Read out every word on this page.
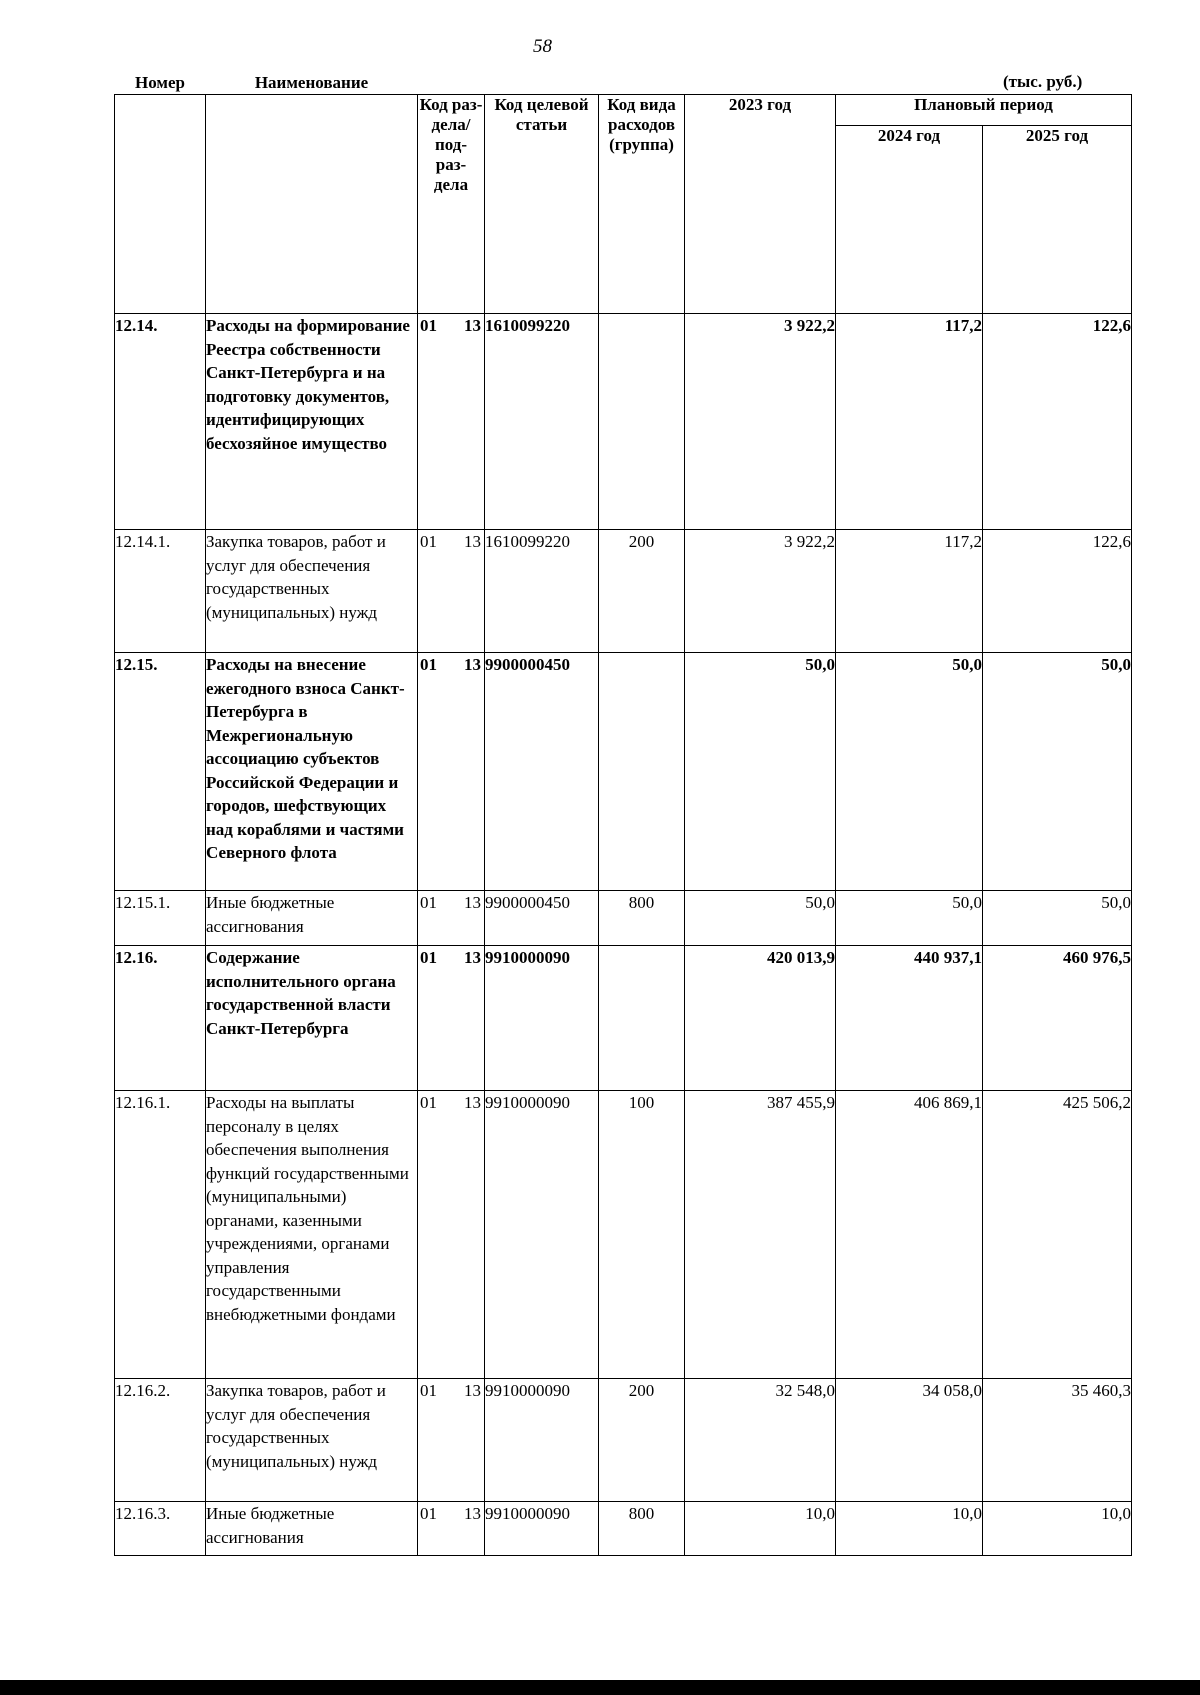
58
(тыс. руб.)
Номер	Наименование	Код раз- дела/ под- раз- дела	Код целевой статьи	Код вида расходов (группа)	2023 год	Плановый период	
						2024 год	2025 год
12.14.	Расходы на формирование Реестра собственности Санкт-Петербурга и на подготовку документов, идентифицирующих бесхозяйное имущество	01 13	1610099220		3 922,2	117,2	122,6
12.14.1.	Закупка товаров, работ и услуг для обеспечения государственных (муниципальных) нужд	01 13	1610099220	200	3 922,2	117,2	122,6
12.15.	Расходы на внесение ежегодного взноса Санкт-Петербурга в Межрегиональную ассоциацию субъектов Российской Федерации и городов, шефствующих над кораблями и частями Северного флота	01 13	9900000450		50,0	50,0	50,0
12.15.1.	Иные бюджетные ассигнования	01 13	9900000450	800	50,0	50,0	50,0
12.16.	Содержание исполнительного органа государственной власти Санкт-Петербурга	01 13	9910000090		420 013,9	440 937,1	460 976,5
12.16.1.	Расходы на выплаты персоналу в целях обеспечения выполнения функций государственными (муниципальными) органами, казенными учреждениями, органами управления государственными внебюджетными фондами	01 13	9910000090	100	387 455,9	406 869,1	425 506,2
12.16.2.	Закупка товаров, работ и услуг для обеспечения государственных (муниципальных) нужд	01 13	9910000090	200	32 548,0	34 058,0	35 460,3
12.16.3.	Иные бюджетные ассигнования	01 13	9910000090	800	10,0	10,0	10,0
